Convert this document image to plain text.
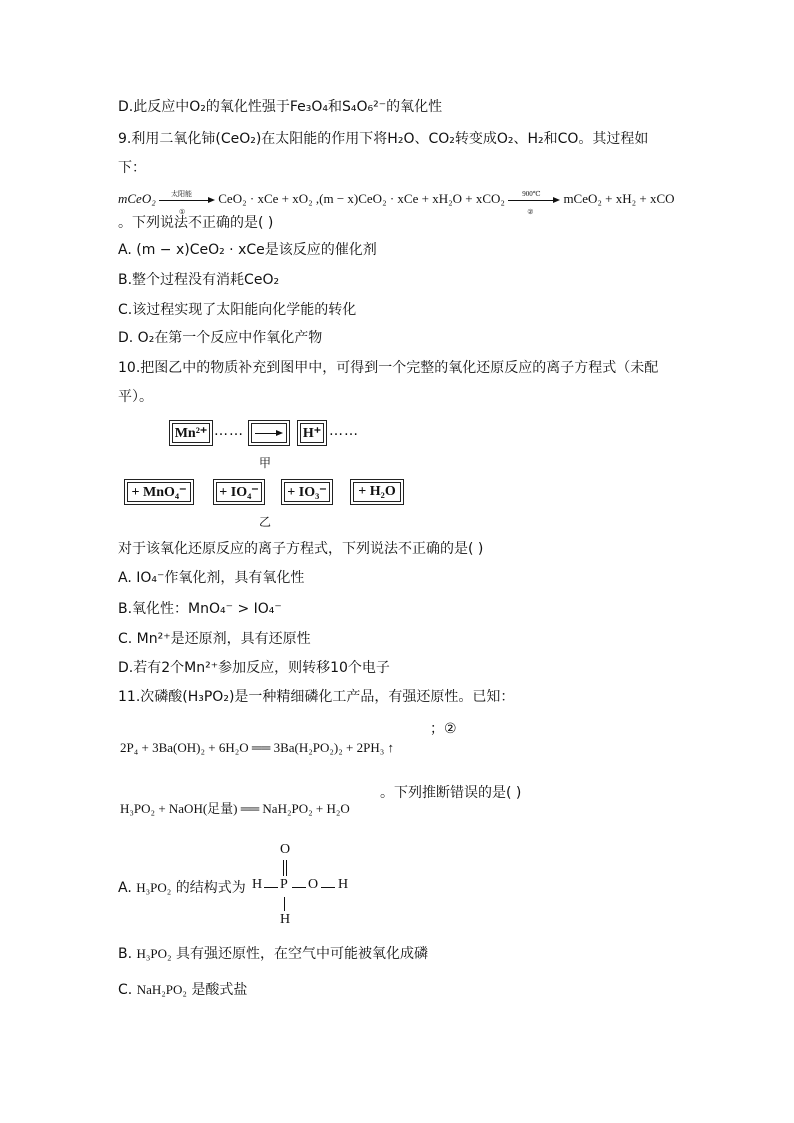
D.此反应中O₂的氧化性强于Fe₃O₄和S₄O₆²⁻的氧化性
9.利用二氧化铈(CeO₂)在太阳能的作用下将H₂O、CO₂转变成O₂、H₂和CO。其过程如
下：
mCeO₂ 太阳能
①
CeO₂ · xCe + xO₂ ,(m − x)CeO₂ · xCe + xH₂O + xCO₂ 900℃
②
mCeO₂ + xH₂ + xCO
。下列说法不正确的是( )
A. (m − x)CeO₂ · xCe是该反应的催化剂
B.整个过程没有消耗CeO₂
C.该过程实现了太阳能向化学能的转化
D. O₂在第一个反应中作氧化产物
10.把图乙中的物质补充到图甲中，可得到一个完整的氧化还原反应的离子方程式（未配
平）。
Mn²⁺ ……	H⁺ ……
甲
+ MnO₄⁻	+ IO₄⁻ + IO₃⁻	+ H₂O
乙
对于该氧化还原反应的离子方程式，下列说法不正确的是( )
A. IO₄⁻作氧化剂，具有氧化性
B.氧化性：MnO₄⁻ > IO₄⁻
C. Mn²⁺是还原剂，具有还原性
D.若有2个Mn²⁺参加反应，则转移10个电子
11.次磷酸(H₃PO₂)是一种精细磷化工产品，有强还原性。已知：
；②
2P₄ + 3Ba(OH)₂ + 6H₂O ══ 3Ba(H₂PO₂)₂ + 2PH₃ ↑
H₃PO₂ + NaOH(足量) ══ NaH₂PO₂ + H₂O
。下列推断错误的是( )
A. H₃PO₂ 的结构式为
O
H P O H
H
B. H₃PO₂ 具有强还原性，在空气中可能被氧化成磷
C. NaH₂PO₂ 是酸式盐
